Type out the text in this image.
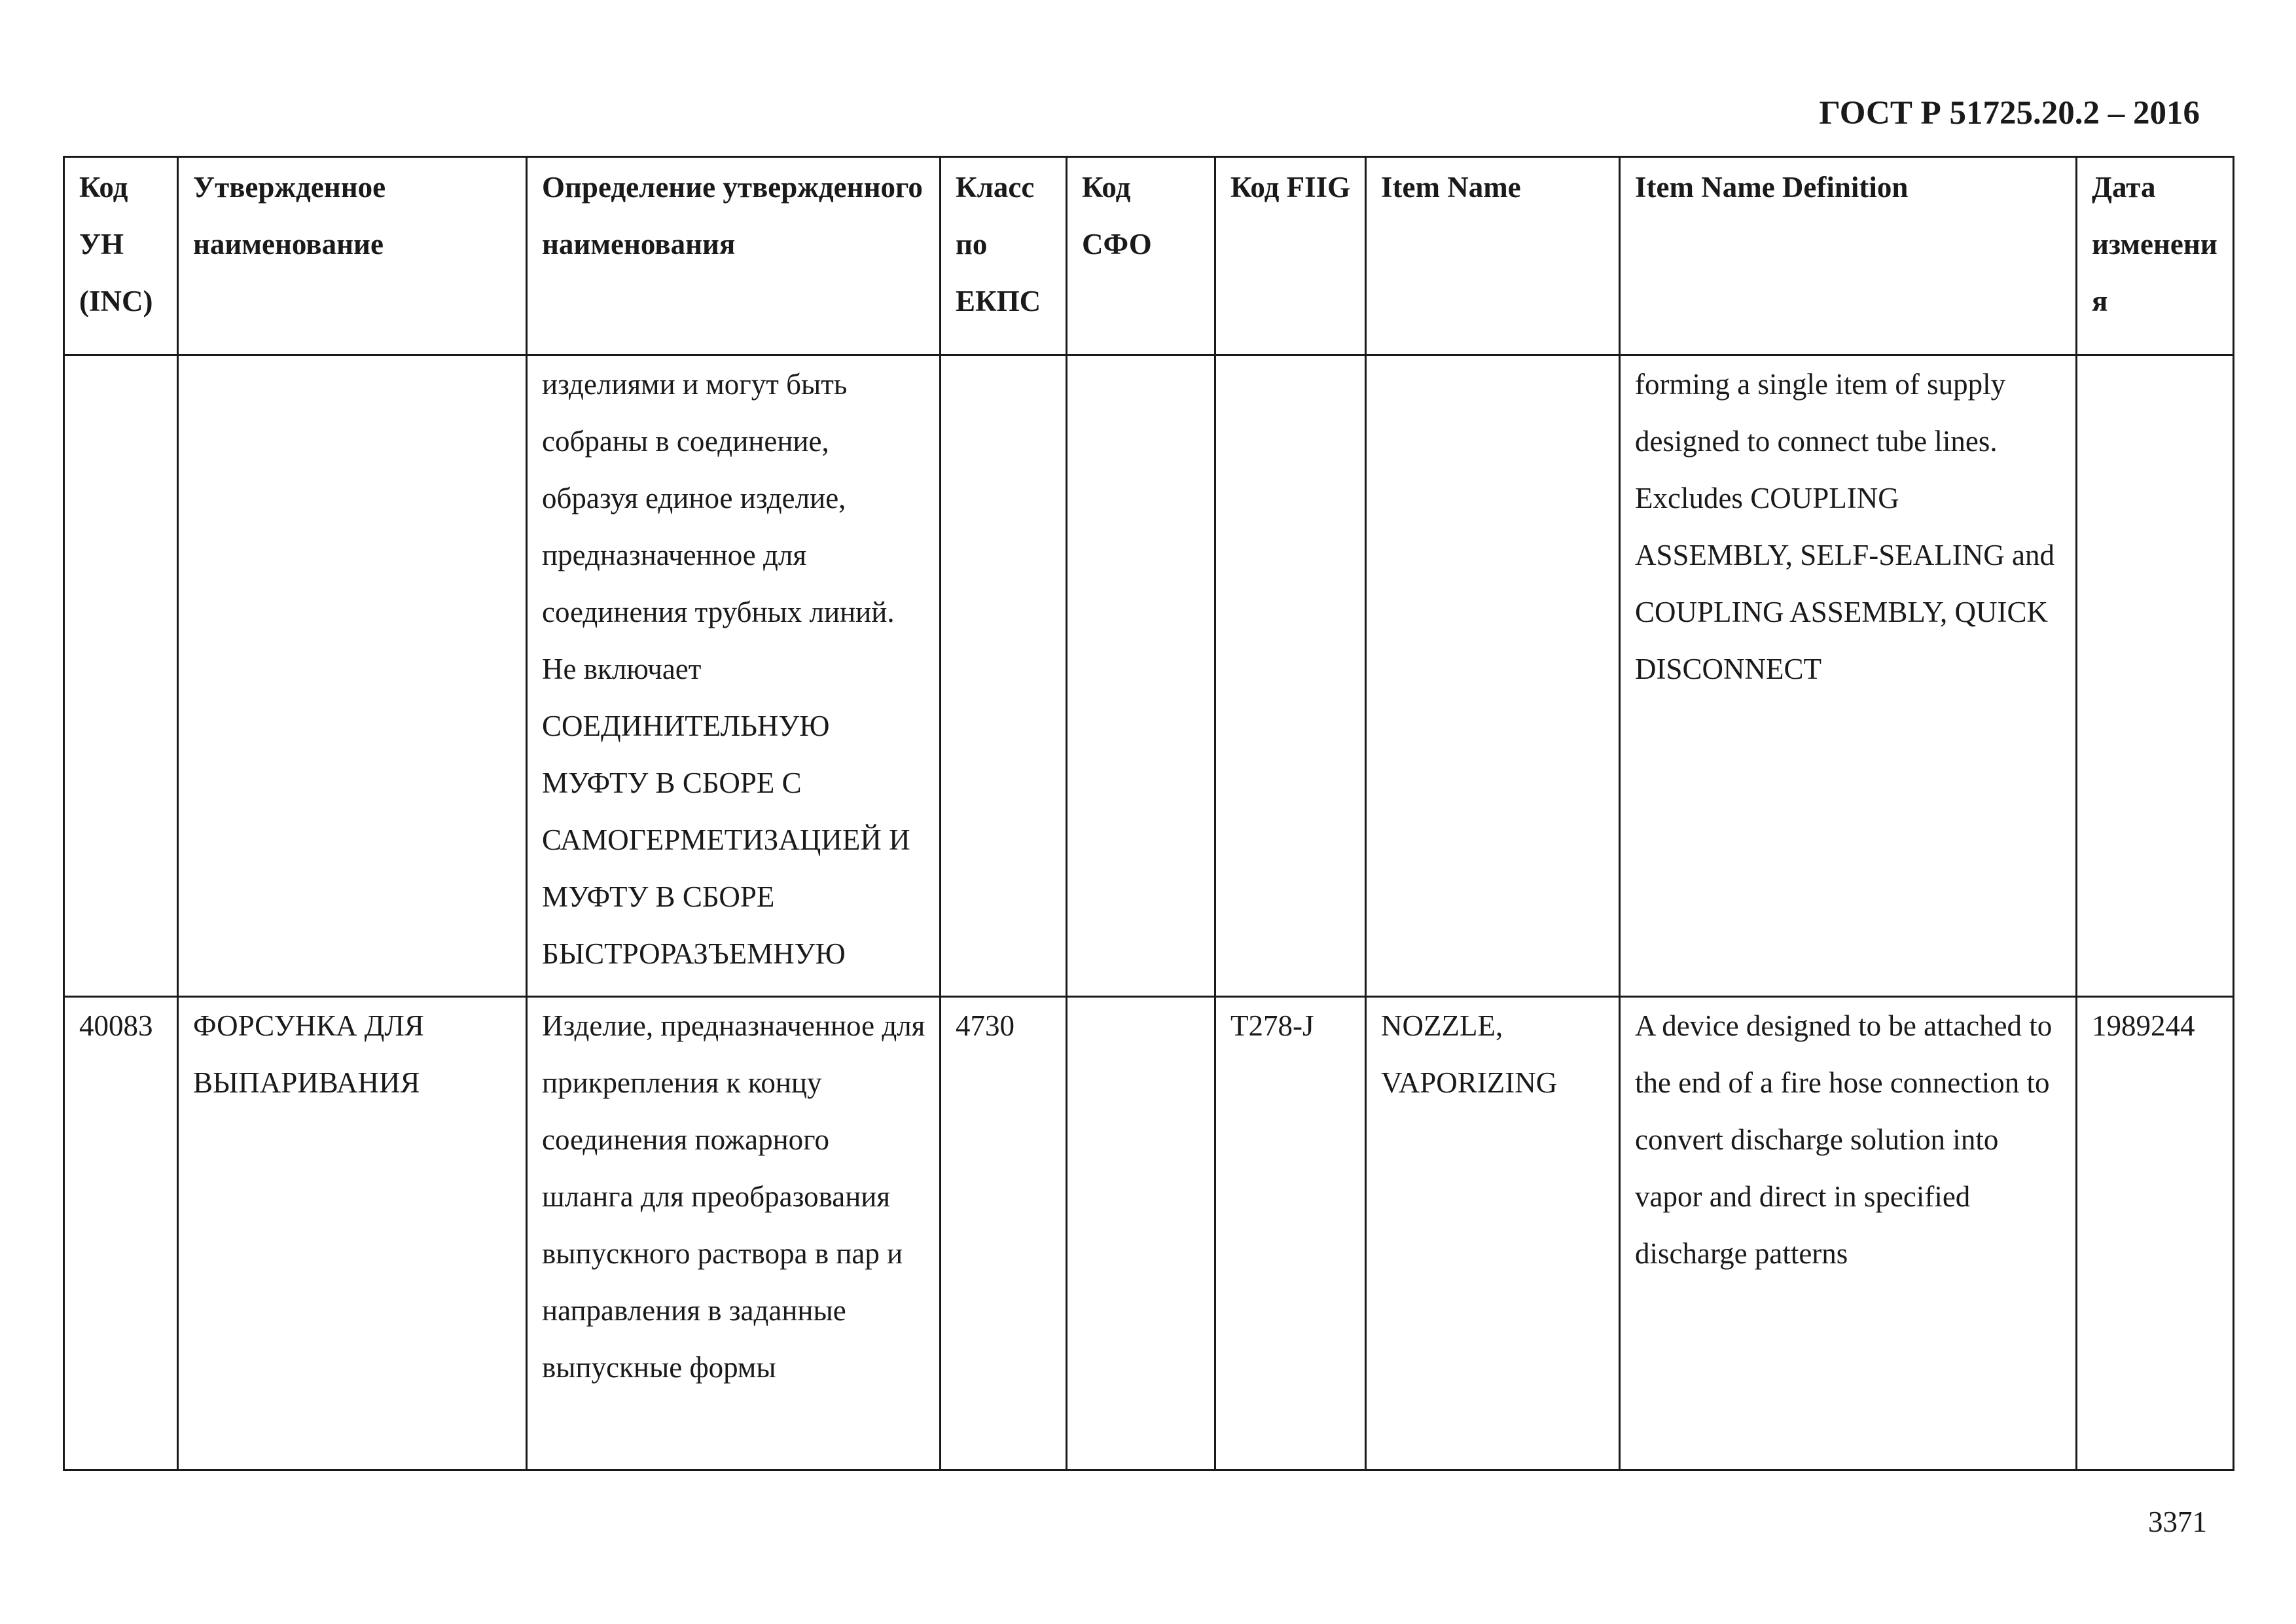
ГОСТ Р 51725.20.2 – 2016
Код УН (INC)	Утвержденное наименование	Определение утвержденного наименования	Класс по ЕКПС	Код СФО	Код FIIG	Item Name	Item Name Definition	Дата изменения
		изделиями и могут быть собраны в соединение, образуя единое изделие, предназначенное для соединения трубных линий. Не включает СОЕДИНИТЕЛЬНУЮ МУФТУ В СБОРЕ С САМОГЕРМЕТИЗАЦИЕЙ И МУФТУ В СБОРЕ БЫСТРОРАЗЪЕМНУЮ					forming a single item of supply designed to connect tube lines. Excludes COUPLING ASSEMBLY, SELF-SEALING and COUPLING ASSEMBLY, QUICK DISCONNECT	
40083	ФОРСУНКА ДЛЯ ВЫПАРИВАНИЯ	Изделие, предназначенное для прикрепления к концу соединения пожарного шланга для преобразования выпускного раствора в пар и направления в заданные выпускные формы	4730		T278-J	NOZZLE, VAPORIZING	A device designed to be attached to the end of a fire hose connection to convert discharge solution into vapor and direct in specified discharge patterns	1989244
3371
